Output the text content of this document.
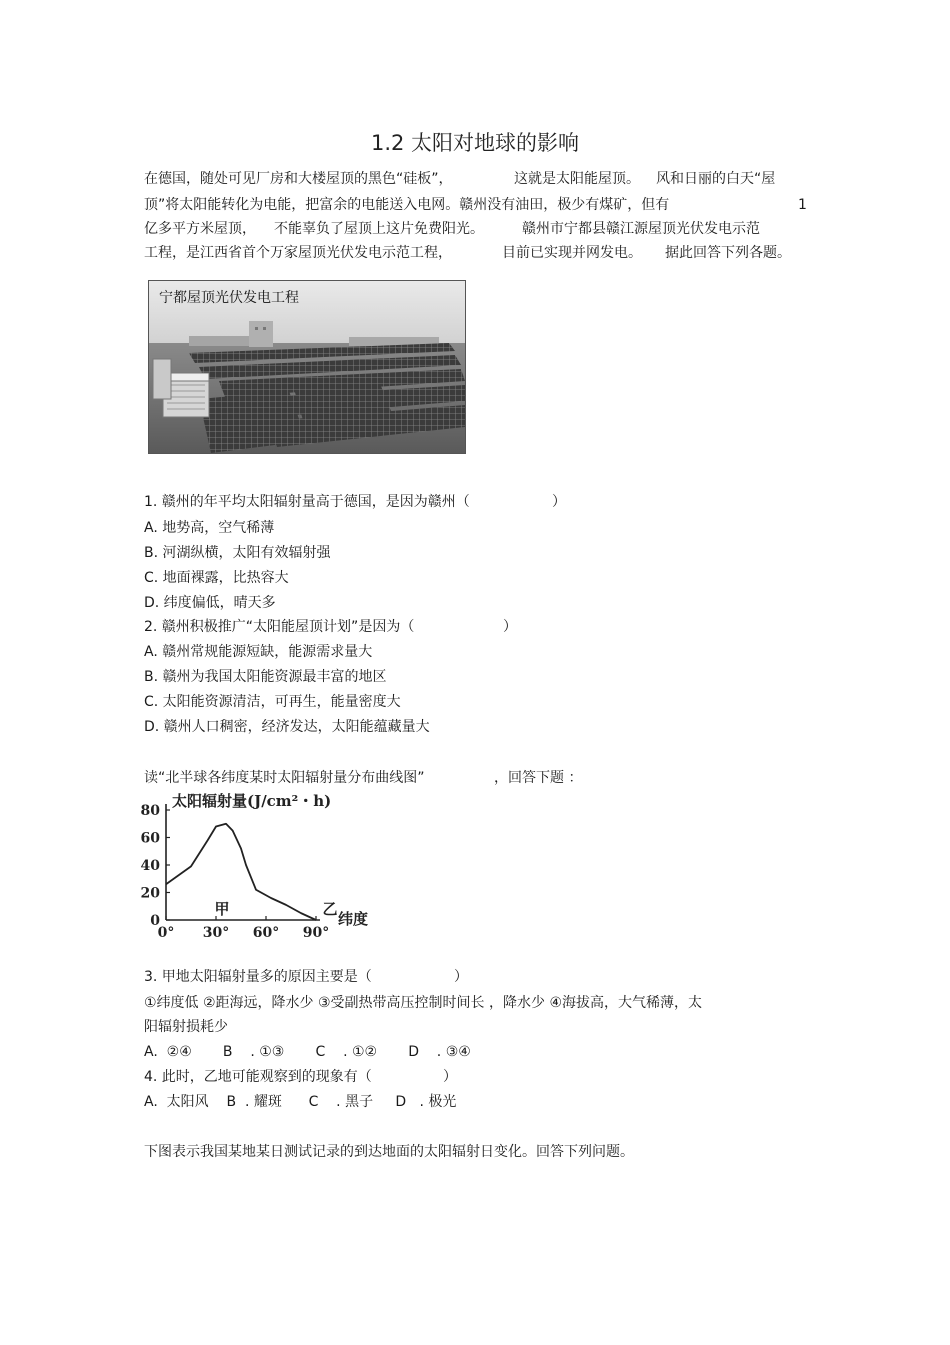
1.2 太阳对地球的影响
在德国，随处可见厂房和大楼屋顶的黑色“硅板”，	这就是太阳能屋顶。 风和日丽的白天“屋
顶”将太阳能转化为电能，把富余的电能送入电网。赣州没有油田，极少有煤矿，但有	1
亿多平方米屋顶， 不能辜负了屋顶上这片免费阳光。	赣州市宁都县赣江源屋顶光伏发电示范
工程，是江西省首个万家屋顶光伏发电示范工程，	目前已实现并网发电。 据此回答下列各题。
宁都屋顶光伏发电工程
1. 赣州的年平均太阳辐射量高于德国，是因为赣州（	）
A. 地势高，空气稀薄
B. 河湖纵横，太阳有效辐射强
C. 地面裸露，比热容大
D. 纬度偏低，晴天多
2. 赣州积极推广“太阳能屋顶计划”是因为（	）
A. 赣州常规能源短缺，能源需求量大
B. 赣州为我国太阳能资源最丰富的地区
C. 太阳能资源清洁，可再生，能量密度大
D. 赣州人口稠密，经济发达，太阳能蕴藏量大
读“北半球各纬度某时太阳辐射量分布曲线图”	，回答下题 ：
0
20
40
60
80
0° 30° 60° 90°
太阳辐射量(J/cm²・h)
纬度
甲	乙
3. 甲地太阳辐射量多的原因主要是（	）
①纬度低 ②距海远，降水少 ③受副热带高压控制时间长 ，降水少 ④海拔高，大气稀薄，太
阳辐射损耗少
A.  ②④       B    . ①③       C    . ①②       D    . ③④
4. 此时，乙地可能观察到的现象有（	）
A.  太阳风    B  . 耀斑      C    . 黑子     D   . 极光
下图表示我国某地某日测试记录的到达地面的太阳辐射日变化。回答下列问题。
